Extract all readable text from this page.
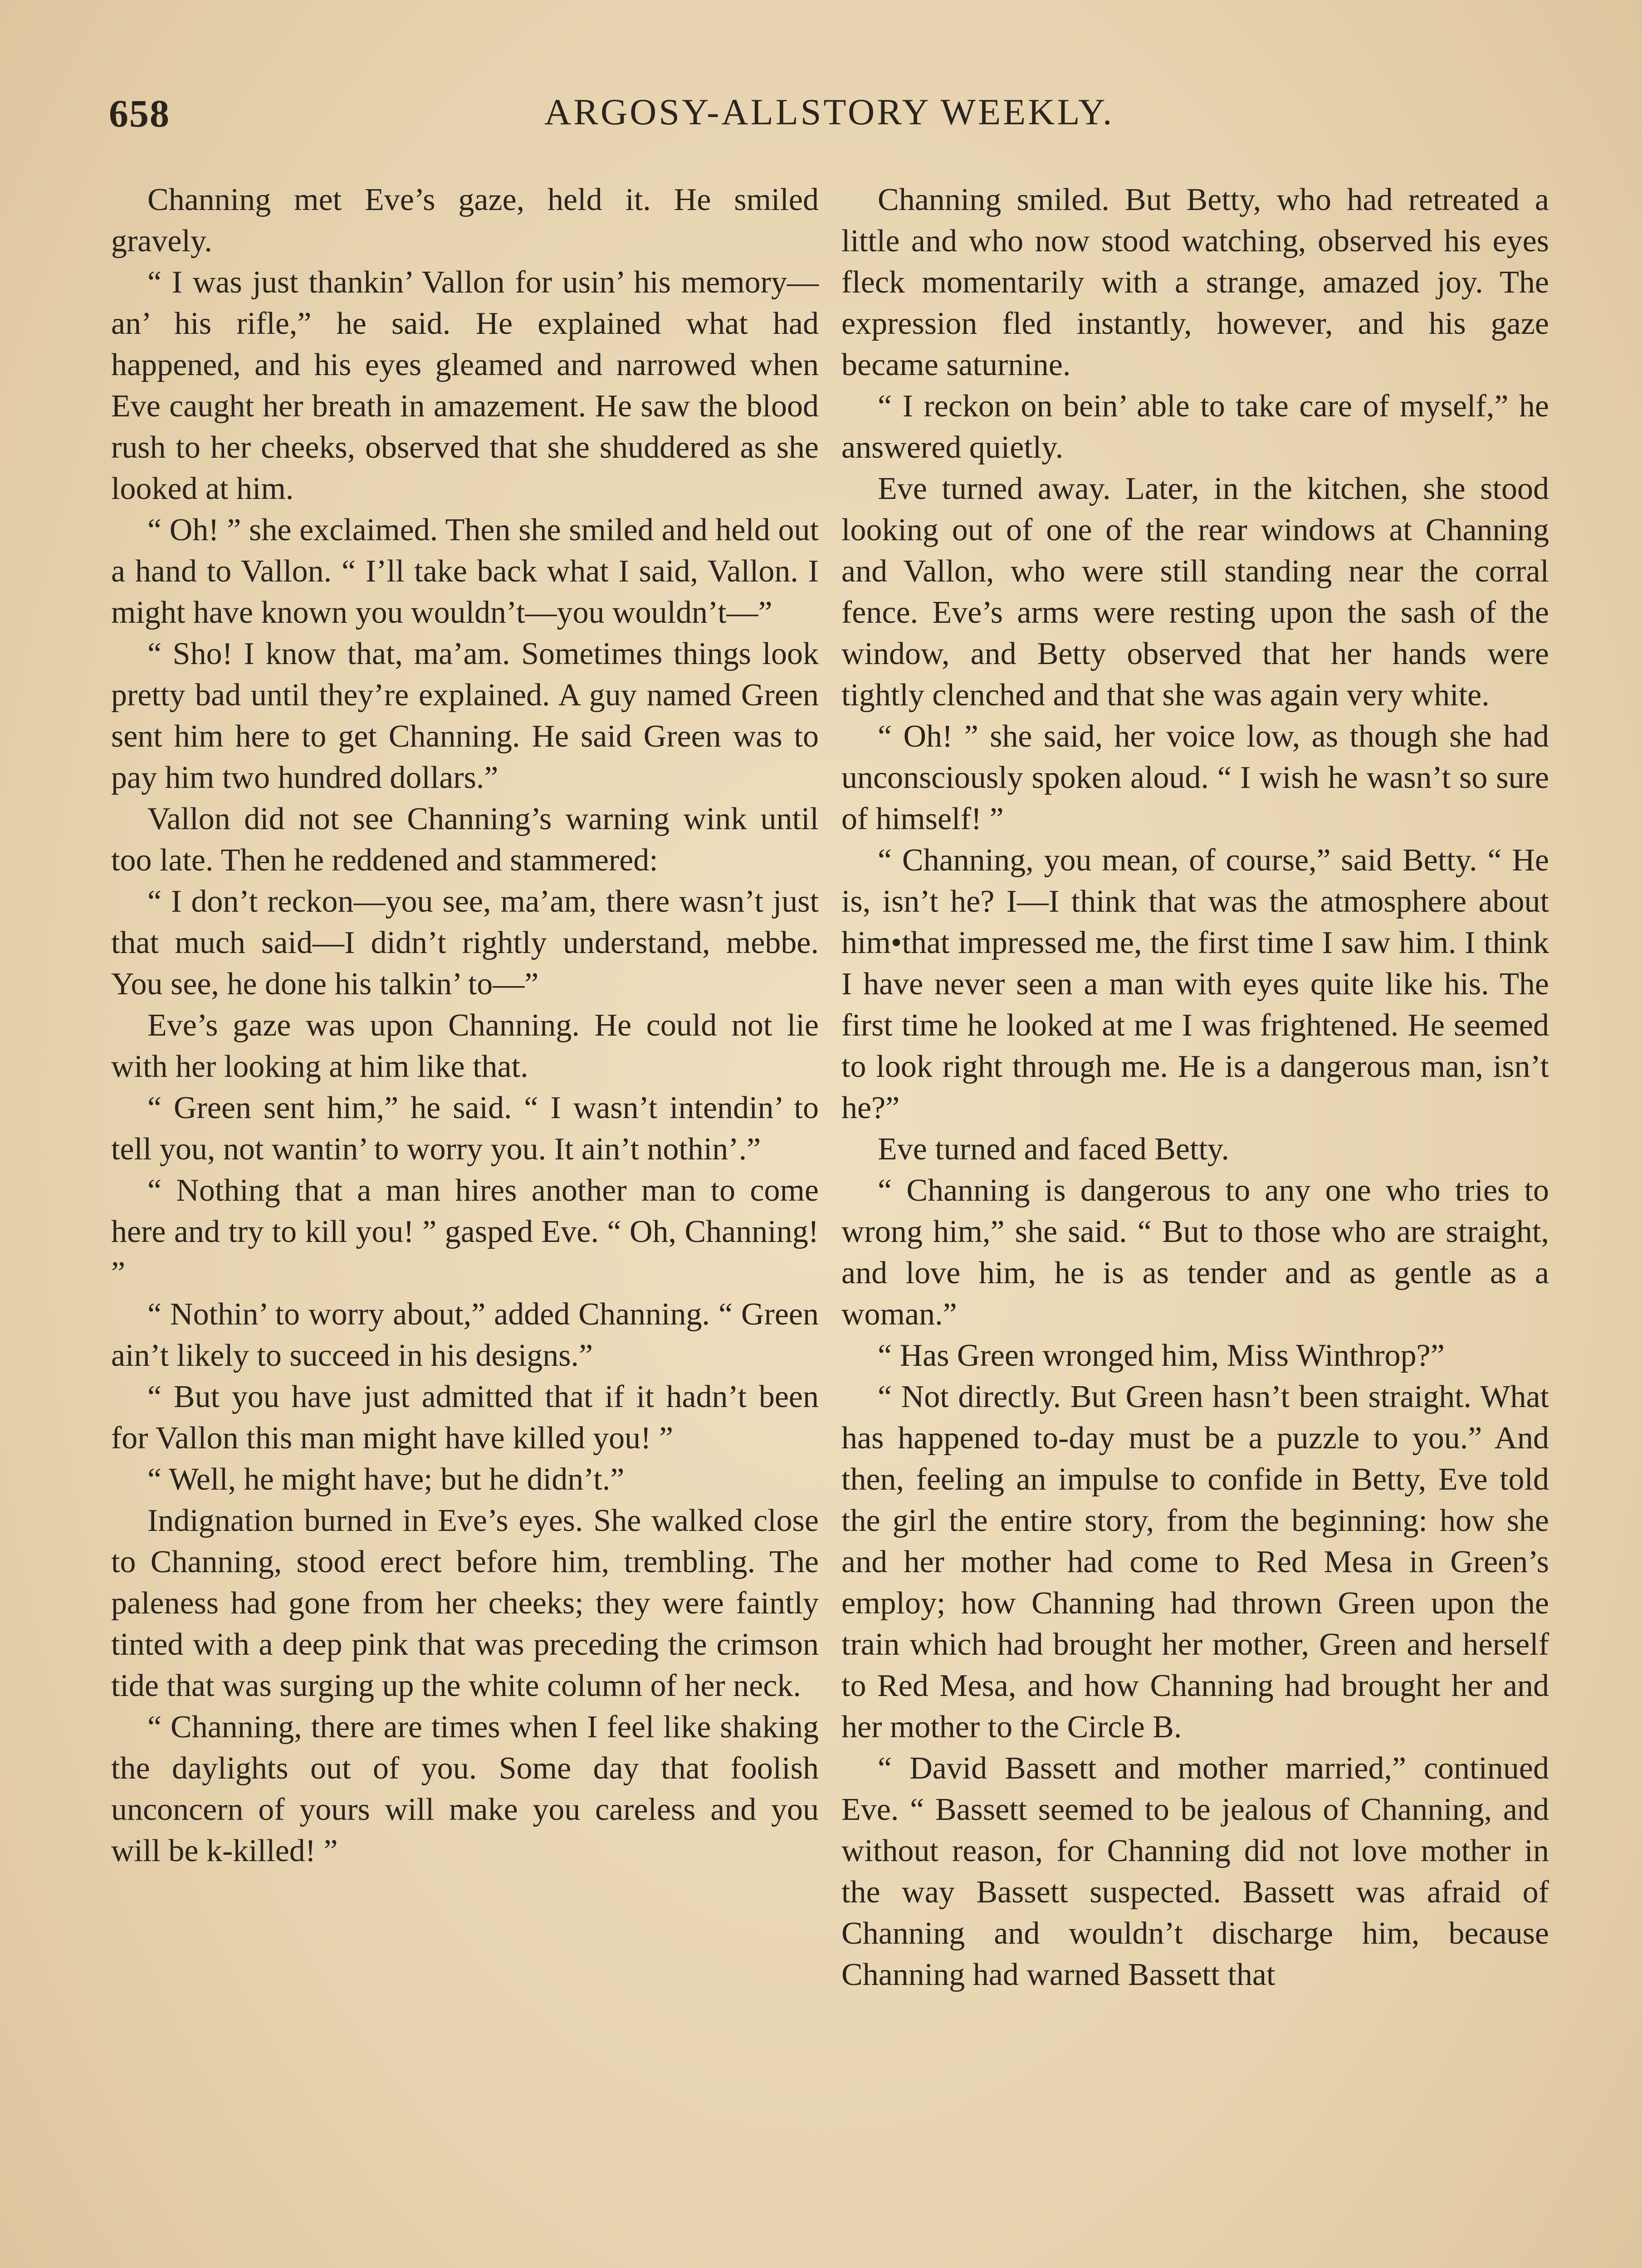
658	ARGOSY-ALLSTORY WEEKLY.

Channing met Eve’s gaze, held it. He smiled gravely.

“ I was just thankin’ Vallon for usin’ his memory—an’ his rifle,” he said. He explained what had happened, and his eyes gleamed and narrowed when Eve caught her breath in amazement. He saw the blood rush to her cheeks, observed that she shuddered as she looked at him.

“ Oh! ” she exclaimed. Then she smiled and held out a hand to Vallon. “ I’ll take back what I said, Vallon. I might have known you wouldn’t—you wouldn’t—”

“ Sho! I know that, ma’am. Sometimes things look pretty bad until they’re explained. A guy named Green sent him here to get Channing. He said Green was to pay him two hundred dollars.”

Vallon did not see Channing’s warning wink until too late. Then he reddened and stammered:

“ I don’t reckon—you see, ma’am, there wasn’t just that much said—I didn’t rightly understand, mebbe. You see, he done his talkin’ to—”

Eve’s gaze was upon Channing. He could not lie with her looking at him like that.

“ Green sent him,” he said. “ I wasn’t intendin’ to tell you, not wantin’ to worry you. It ain’t nothin’.”

“ Nothing that a man hires another man to come here and try to kill you! ” gasped Eve. “ Oh, Channing! ”

“ Nothin’ to worry about,” added Channing. “ Green ain’t likely to succeed in his designs.”

“ But you have just admitted that if it hadn’t been for Vallon this man might have killed you! ”

“ Well, he might have; but he didn’t.”

Indignation burned in Eve’s eyes. She walked close to Channing, stood erect before him, trembling. The paleness had gone from her cheeks; they were faintly tinted with a deep pink that was preceding the crimson tide that was surging up the white column of her neck.

“ Channing, there are times when I feel like shaking the daylights out of you. Some day that foolish unconcern of yours will make you careless and you will be k-killed! ”

Channing smiled. But Betty, who had retreated a little and who now stood watching, observed his eyes fleck momentarily with a strange, amazed joy. The expression fled instantly, however, and his gaze became saturnine.

“ I reckon on bein’ able to take care of myself,” he answered quietly.

Eve turned away. Later, in the kitchen, she stood looking out of one of the rear windows at Channing and Vallon, who were still standing near the corral fence. Eve’s arms were resting upon the sash of the window, and Betty observed that her hands were tightly clenched and that she was again very white.

“ Oh! ” she said, her voice low, as though she had unconsciously spoken aloud. “ I wish he wasn’t so sure of himself! ”

“ Channing, you mean, of course,” said Betty. “ He is, isn’t he? I—I think that was the atmosphere about him•that impressed me, the first time I saw him. I think I have never seen a man with eyes quite like his. The first time he looked at me I was frightened. He seemed to look right through me. He is a dangerous man, isn’t he?”

Eve turned and faced Betty.

“ Channing is dangerous to any one who tries to wrong him,” she said. “ But to those who are straight, and love him, he is as tender and as gentle as a woman.”

“ Has Green wronged him, Miss Winthrop?”

“ Not directly. But Green hasn’t been straight. What has happened to-day must be a puzzle to you.” And then, feeling an impulse to confide in Betty, Eve told the girl the entire story, from the beginning: how she and her mother had come to Red Mesa in Green’s employ; how Channing had thrown Green upon the train which had brought her mother, Green and herself to Red Mesa, and how Channing had brought her and her mother to the Circle B.

“ David Bassett and mother married,” continued Eve. “ Bassett seemed to be jealous of Channing, and without reason, for Channing did not love mother in the way Bassett suspected. Bassett was afraid of Channing and wouldn’t discharge him, because Channing had warned Bassett that
